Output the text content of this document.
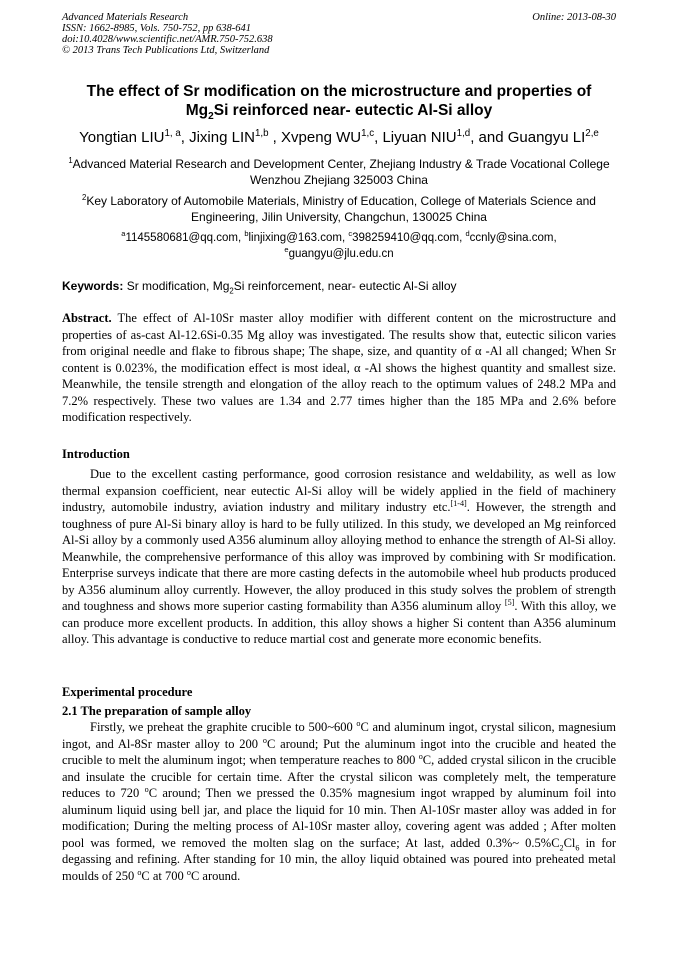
Advanced Materials Research
ISSN: 1662-8985, Vols. 750-752, pp 638-641
doi:10.4028/www.scientific.net/AMR.750-752.638
© 2013 Trans Tech Publications Ltd, Switzerland
Online: 2013-08-30
The effect of Sr modification on the microstructure and properties of
$Mg_2Si$ reinforced near- eutectic Al-Si alloy
Yongtian LIU$^{1, a}$, Jixing LIN$^{1,b}$ , Xvpeng WU$^{1,c}$, Liyuan NIU$^{1,d}$, and Guangyu LI$^{2,e}$
$^1$Advanced Material Research and Development Center, Zhejiang Industry & Trade Vocational College Wenzhou Zhejiang 325003 China
$^2$Key Laboratory of Automobile Materials, Ministry of Education, College of Materials Science and Engineering, Jilin University, Changchun, 130025 China
$^a$1145580681@qq.com, $^b$linjixing@163.com, $^c$398259410@qq.com, $^d$ccnly@sina.com,
$^e$guangyu@jlu.edu.cn
Keywords: Sr modification, $Mg_2Si$ reinforcement, near- eutectic Al-Si alloy
Abstract. The effect of Al-10Sr master alloy modifier with different content on the microstructure and properties of as-cast Al-12.6Si-0.35 Mg alloy was investigated. The results show that, eutectic silicon varies from original needle and flake to fibrous shape; The shape, size, and quantity of α -Al all changed; When Sr content is 0.023%, the modification effect is most ideal, α -Al shows the highest quantity and smallest size. Meanwhile, the tensile strength and elongation of the alloy reach to the optimum values of 248.2 MPa and 7.2% respectively. These two values are 1.34 and 2.77 times higher than the 185 MPa and 2.6% before modification respectively.
Introduction
Due to the excellent casting performance, good corrosion resistance and weldability, as well as low thermal expansion coefficient, near eutectic Al-Si alloy will be widely applied in the field of machinery industry, automobile industry, aviation industry and military industry etc.[1-4]. However, the strength and toughness of pure Al-Si binary alloy is hard to be fully utilized. In this study, we developed an Mg reinforced Al-Si alloy by a commonly used A356 aluminum alloy alloying method to enhance the strength of Al-Si alloy. Meanwhile, the comprehensive performance of this alloy was improved by combining with Sr modification. Enterprise surveys indicate that there are more casting defects in the automobile wheel hub products produced by A356 aluminum alloy currently. However, the alloy produced in this study solves the problem of strength and toughness and shows more superior casting formability than A356 aluminum alloy [5]. With this alloy, we can produce more excellent products. In addition, this alloy shows a higher Si content than A356 aluminum alloy. This advantage is conductive to reduce martial cost and generate more economic benefits.
Experimental procedure
2.1 The preparation of sample alloy
Firstly, we preheat the graphite crucible to 500~600 $^o$C and aluminum ingot, crystal silicon, magnesium ingot, and Al-8Sr master alloy to 200 $^o$C around; Put the aluminum ingot into the crucible and heated the crucible to melt the aluminum ingot; when temperature reaches to 800 $^o$C, added crystal silicon in the crucible and insulate the crucible for certain time. After the crystal silicon was completely melt, the temperature reduces to 720 $^o$C around; Then we pressed the 0.35% magnesium ingot wrapped by aluminum foil into aluminum liquid using bell jar, and place the liquid for 10 min. Then Al-10Sr master alloy was added in for modification; During the melting process of Al-10Sr master alloy, covering agent was added ; After molten pool was formed, we removed the molten slag on the surface; At last, added 0.3%~ $0.5\%C_2Cl_6$ in for degassing and refining. After standing for 10 min, the alloy liquid obtained was poured into preheated metal moulds of 250 $^o$C at 700 $^o$C around.
